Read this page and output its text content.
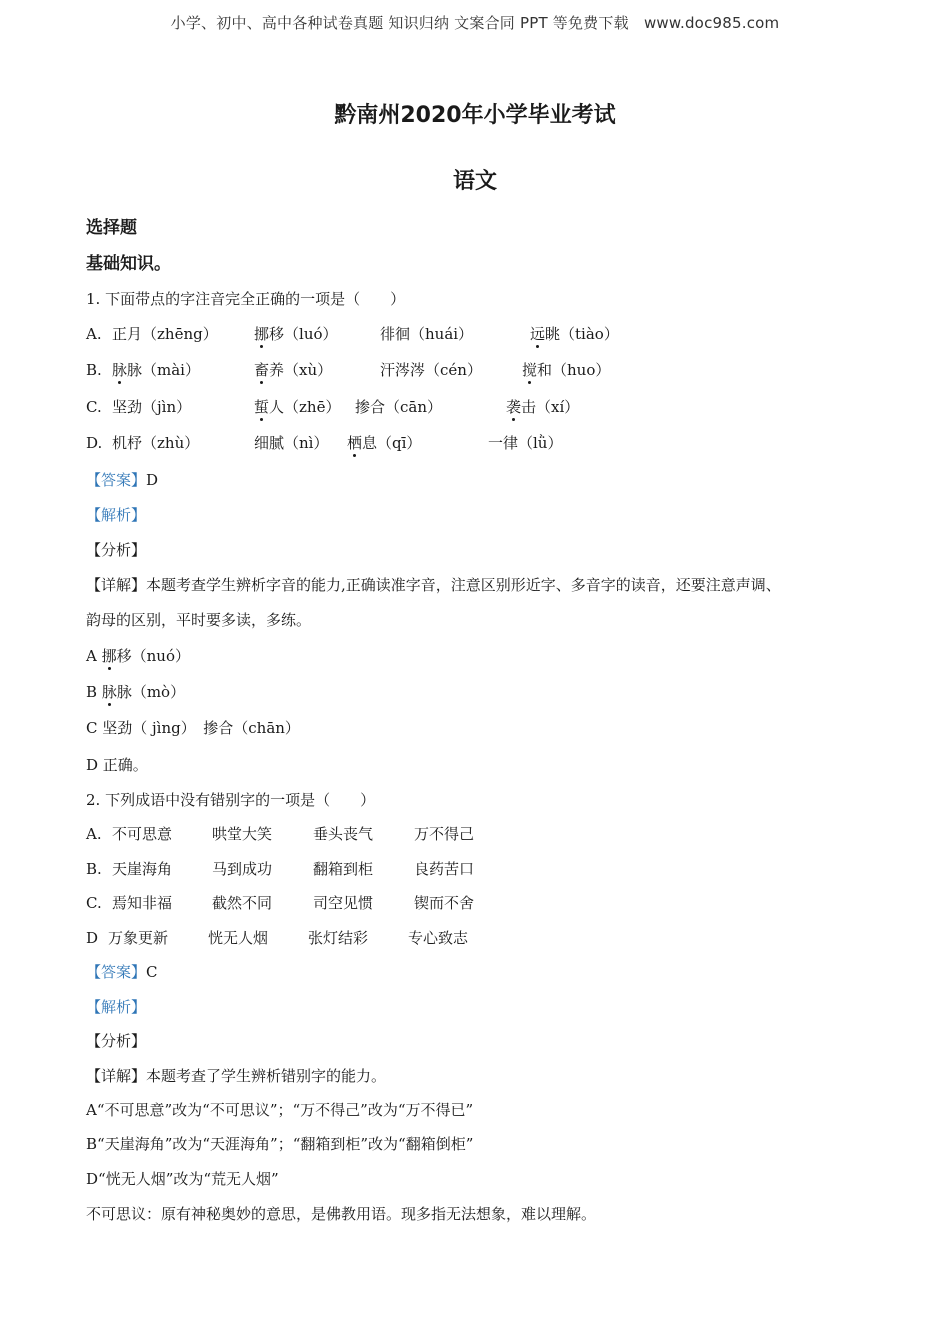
小学、初中、高中各种试卷真题 知识归纳 文案合同 PPT 等免费下载　www.doc985.com
黔南州2020年小学毕业考试
语文
选择题
基础知识。
1. 下面带点的字注音完全正确的一项是（　　）
A. 正月（zhēng） 挪移（luó）	徘徊（huái）	远眺（tiào）
B. 脉脉（mài）	畜养（xù）	汗涔涔（cén）	搅和（huo）
C. 坚劲（jìn）	蜇人（zhē） 掺合（cān）	袭击（xí）
D. 机杼（zhù）	细腻（nì） 栖息（qī）	一律（lǜ）
【答案】D
【解析】
【分析】
【详解】本题考查学生辨析字音的能力,正确读准字音，注意区别形近字、多音字的读音，还要注意声调、
韵母的区别，平时要多读，多练。
A 挪移（nuó）
B 脉脉（mò）
C 坚劲（ jìng）　 掺合（chān）
D 正确。
2. 下列成语中没有错别字的一项是（　　）
A. 不可思意	哄堂大笑	垂头丧气	万不得己
B. 天崖海角	马到成功	翻箱到柜	良药苦口
C. 焉知非福	截然不同	司空见惯	锲而不舍
D 万象更新	恍无人烟	张灯结彩	专心致志
【答案】C
【解析】
【分析】
【详解】本题考查了学生辨析错别字的能力。
A“不可思意”改为“不可思议”；“万不得己”改为“万不得已”
B“天崖海角”改为“天涯海角”；“翻箱到柜”改为“翻箱倒柜”
D“恍无人烟”改为“荒无人烟”
不可思议：原有神秘奥妙的意思，是佛教用语。现多指无法想象，难以理解。
